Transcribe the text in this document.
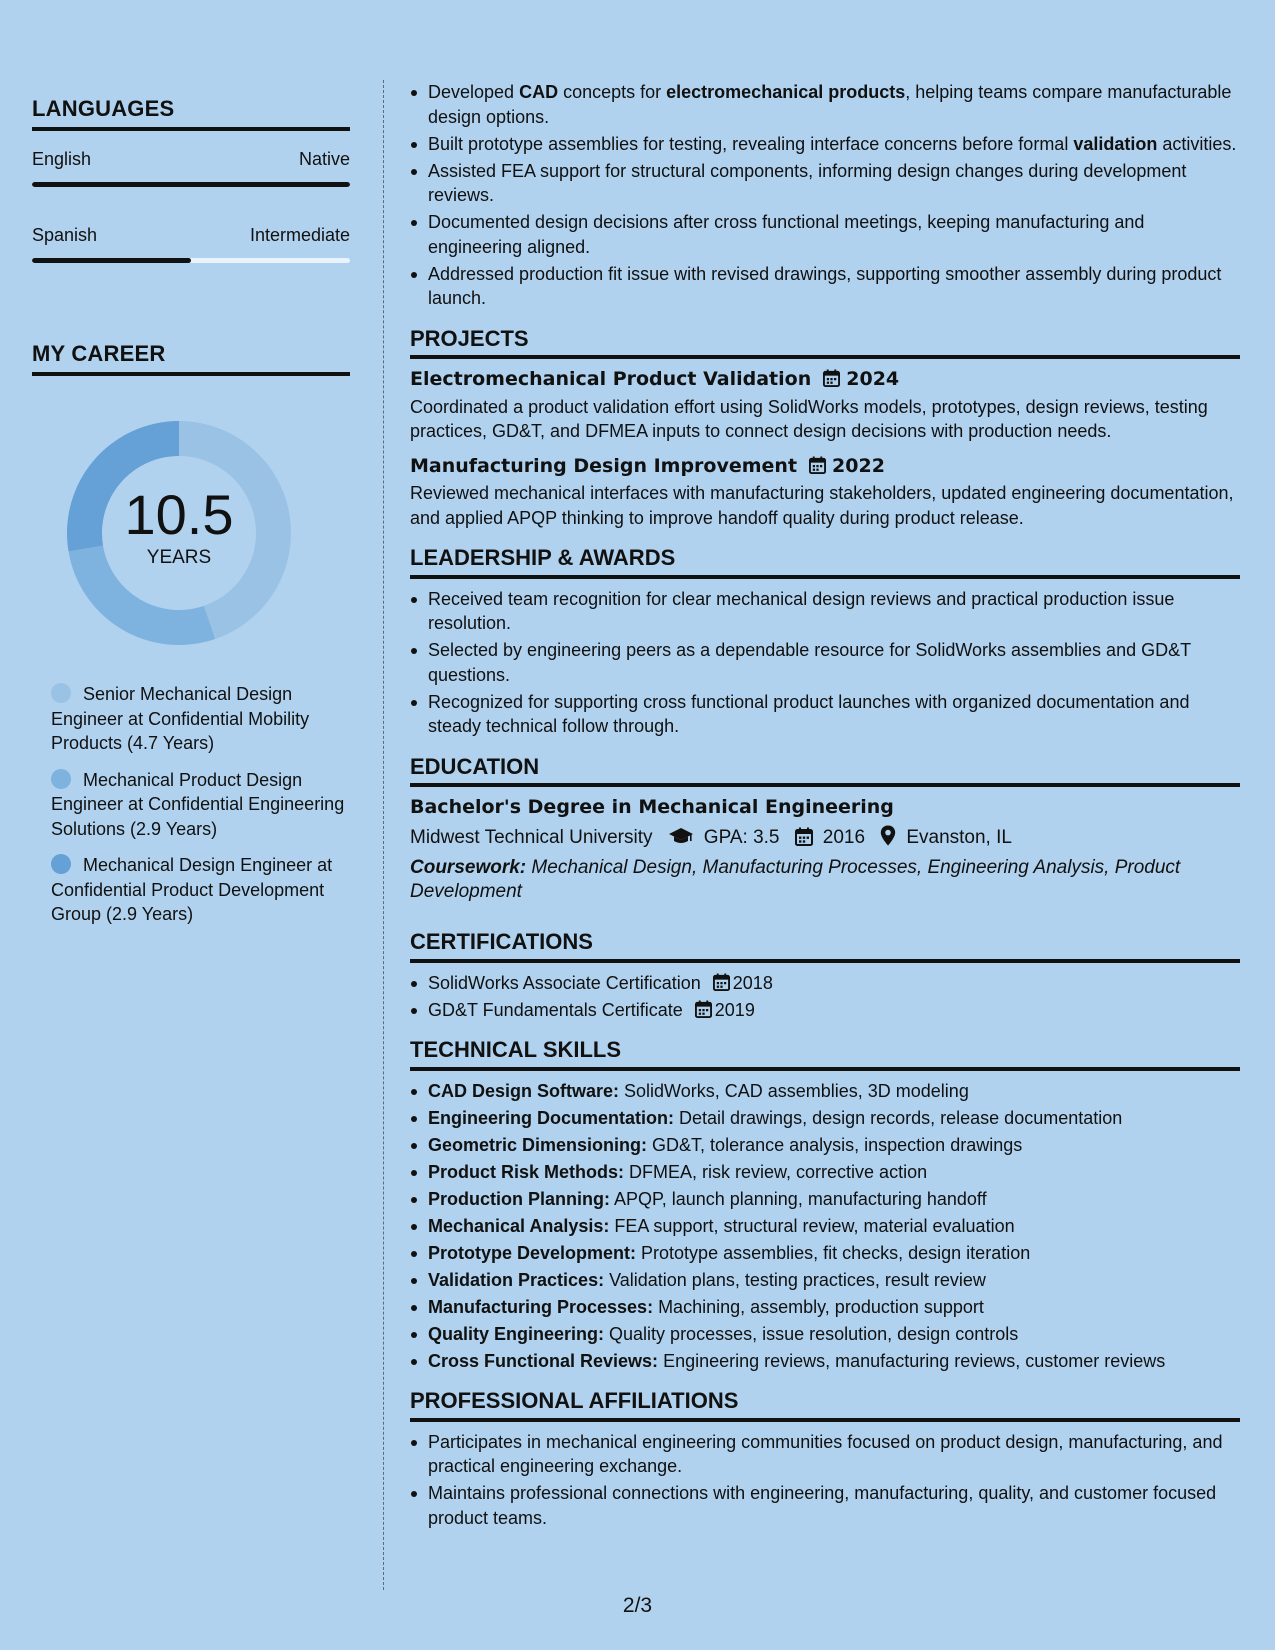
LANGUAGES
English	Native
Spanish	Intermediate
MY CAREER
10.5
YEARS
Senior Mechanical Design Engineer at Confidential Mobility Products (4.7 Years)
Mechanical Product Design Engineer at Confidential Engineering Solutions (2.9 Years)
Mechanical Design Engineer at Confidential Product Development Group (2.9 Years)
Developed CAD concepts for electromechanical products, helping teams compare manufacturable design options.
Built prototype assemblies for testing, revealing interface concerns before formal validation activities.
Assisted FEA support for structural components, informing design changes during development reviews.
Documented design decisions after cross functional meetings, keeping manufacturing and engineering aligned.
Addressed production fit issue with revised drawings, supporting smoother assembly during product launch.
PROJECTS
Electromechanical Product Validation 2024
Coordinated a product validation effort using SolidWorks models, prototypes, design reviews, testing practices, GD&T, and DFMEA inputs to connect design decisions with production needs.
Manufacturing Design Improvement 2022
Reviewed mechanical interfaces with manufacturing stakeholders, updated engineering documentation, and applied APQP thinking to improve handoff quality during product release.
LEADERSHIP & AWARDS
Received team recognition for clear mechanical design reviews and practical production issue resolution.
Selected by engineering peers as a dependable resource for SolidWorks assemblies and GD&T questions.
Recognized for supporting cross functional product launches with organized documentation and steady technical follow through.
EDUCATION
Bachelor's Degree in Mechanical Engineering
Midwest Technical University	GPA: 3.5 2016 Evanston, IL
Coursework: Mechanical Design, Manufacturing Processes, Engineering Analysis, Product Development
CERTIFICATIONS
SolidWorks Associate Certification 2018
GD&T Fundamentals Certificate 2019
TECHNICAL SKILLS
CAD Design Software: SolidWorks, CAD assemblies, 3D modeling
Engineering Documentation: Detail drawings, design records, release documentation
Geometric Dimensioning: GD&T, tolerance analysis, inspection drawings
Product Risk Methods: DFMEA, risk review, corrective action
Production Planning: APQP, launch planning, manufacturing handoff
Mechanical Analysis: FEA support, structural review, material evaluation
Prototype Development: Prototype assemblies, fit checks, design iteration
Validation Practices: Validation plans, testing practices, result review
Manufacturing Processes: Machining, assembly, production support
Quality Engineering: Quality processes, issue resolution, design controls
Cross Functional Reviews: Engineering reviews, manufacturing reviews, customer reviews
PROFESSIONAL AFFILIATIONS
Participates in mechanical engineering communities focused on product design, manufacturing, and practical engineering exchange.
Maintains professional connections with engineering, manufacturing, quality, and customer focused product teams.
2/3
